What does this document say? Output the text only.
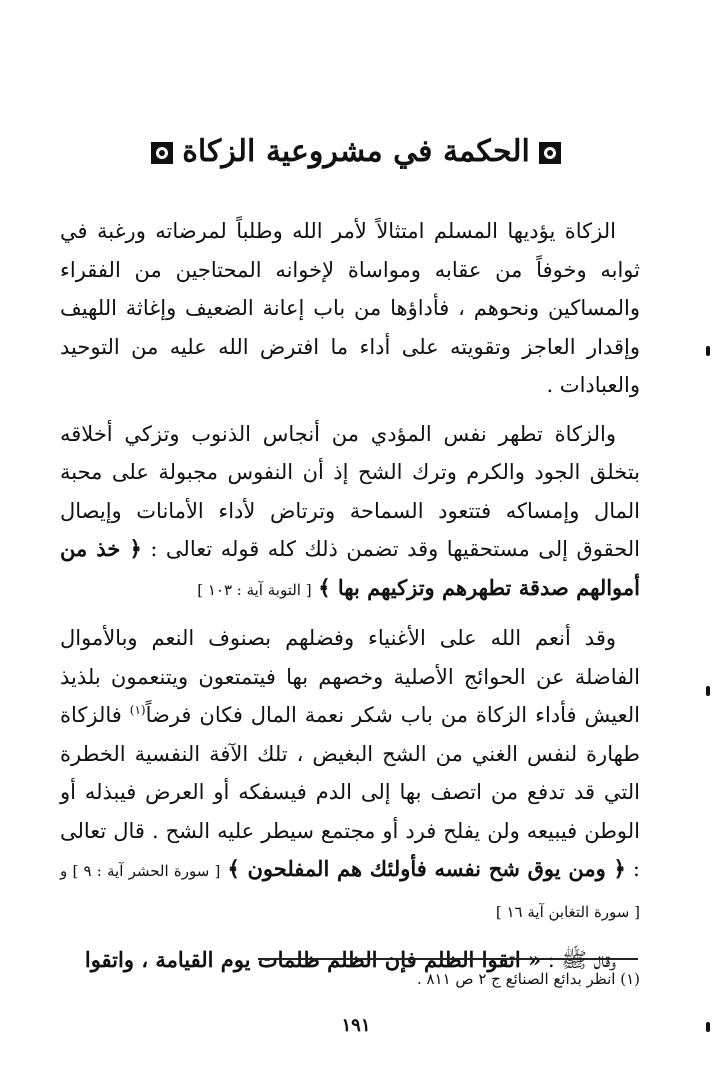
الحكمة في مشروعية الزكاة

الزكاة يؤديها المسلم امتثالاً لأمر الله وطلباً لمرضاته ورغبة في ثوابه وخوفاً من عقابه ومواساة لإخوانه المحتاجين من الفقراء والمساكين ونحوهم ، فأداؤها من باب إعانة الضعيف وإغاثة اللهيف وإقدار العاجز وتقويته على أداء ما افترض الله عليه من التوحيد والعبادات .

والزكاة تطهر نفس المؤدي من أنجاس الذنوب وتزكي أخلاقه بتخلق الجود والكرم وترك الشح إذ أن النفوس مجبولة على محبة المال وإمساكه فتتعود السماحة وترتاض لأداء الأمانات وإيصال الحقوق إلى مستحقيها وقد تضمن ذلك كله قوله تعالى : ﴿ خذ من أموالهم صدقة تطهرهم وتزكيهم بها ﴾ [ التوبة آية : ١٠٣ ]

وقد أنعم الله على الأغنياء وفضلهم بصنوف النعم وبالأموال الفاضلة عن الحوائج الأصلية وخصهم بها فيتمتعون ويتنعمون بلذيذ العيش فأداء الزكاة من باب شكر نعمة المال فكان فرضاً$^{(١)}$ فالزكاة طهارة لنفس الغني من الشح البغيض ، تلك الآفة النفسية الخطرة التي قد تدفع من اتصف بها إلى الدم فيسفكه أو العرض فيبذله أو الوطن فيبيعه ولن يفلح فرد أو مجتمع سيطر عليه الشح . قال تعالى : ﴿ ومن يوق شح نفسه فأولئك هم المفلحون ﴾ [ سورة الحشر آية : ٩ ] و [ سورة التغابن آية ١٦ ]

وقال ﷺ : « اتقوا الظلم فإن الظلم ظلمات يوم القيامة ، واتقوا

(١) انظر بدائع الصنائع ج ٢ ص ٨١١ .
١٩١
